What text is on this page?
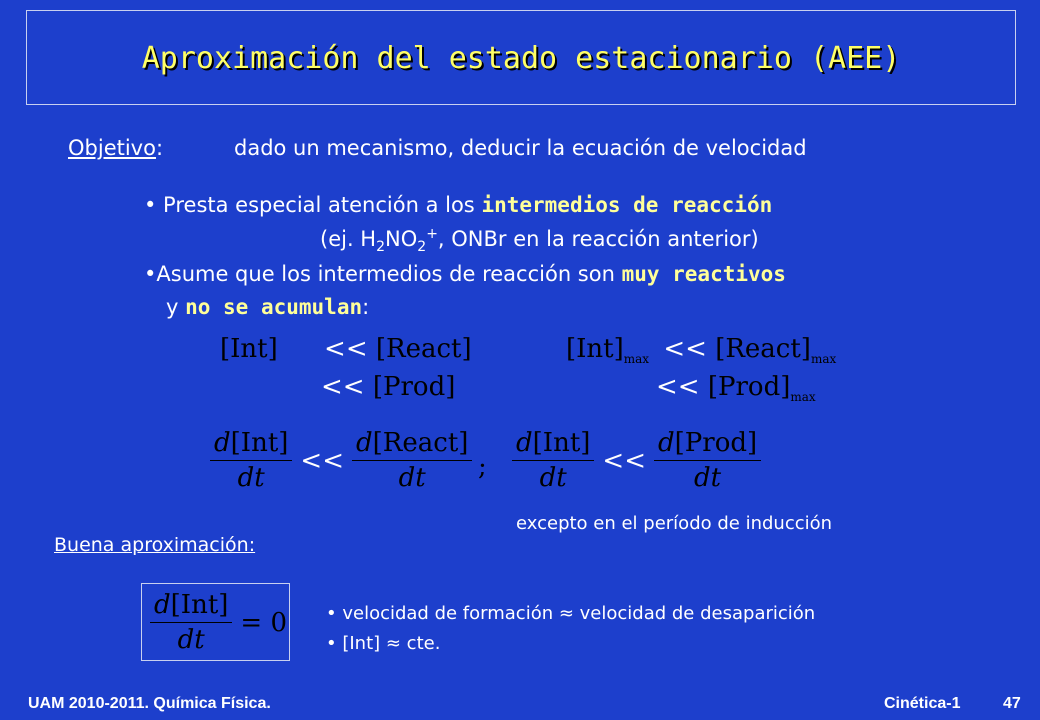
Aproximación del estado estacionario (AEE)
Objetivo:	dado un mecanismo, deducir la ecuación de velocidad
• Presta especial atención a los intermedios de reacción
(ej. $H_2NO_2^+$, ONBr en la reacción anterior)
•Asume que los intermedios de reacción son muy reactivos
y no se acumulan:
[Int] << [React]
<< [Prod]
$[Int]_{max}$ << $[React]_{max}$
<< $[Prod]_{max}$
$\frac{\text{d[Int]}}{dt} << \frac{\text{d[React]}}{dt}$ ; $\frac{\text{d[Int]}}{dt} << \frac{\text{d[Prod]}}{dt}$
excepto en el período de inducción
Buena aproximación:
$\frac{\text{d[Int]}}{dt} = 0$ • velocidad de formación ≈ velocidad de desaparición
• [Int] ≈ cte.
UAM 2010-2011. Química Física.	Cinética-1	47
